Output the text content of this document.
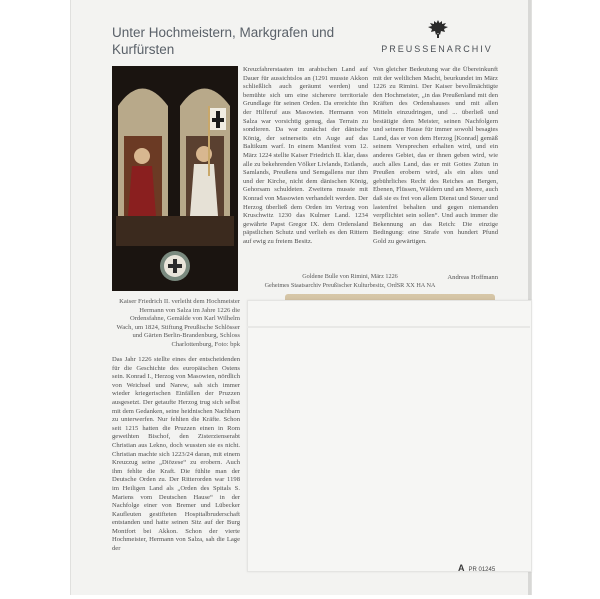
Unter Hochmeistern, Markgrafen und Kurfürsten	PREUSSENARCHIV
Kaiser Friedrich II. verleiht dem Hochmeister Hermann von Salza im Jahre 1226 die Ordensfahne, Gemälde von Karl Wilhelm Wach, um 1824, Stiftung Preußische Schlösser und Gärten Berlin-Brandenburg, Schloss Charlottenburg, Foto: bpk

Das Jahr 1226 stellte eines der entscheidenden für die Geschichte des europäischen Ostens sein. Konrad I., Herzog von Masowien, nördlich von Weichsel und Narew, sah sich immer wieder kriegerischen Einfällen der Pruzzen ausgesetzt. Der getaufte Herzog trug sich selbst mit dem Gedanken, seine heidnischen Nachbarn zu unterwerfen. Nur fehlten die Kräfte. Schon seit 1215 hatten die Pruzzen einen in Rom geweihten Bischof, den Zisterzienserabt Christian aus Lekno, doch wussten sie es nicht. Christian machte sich 1223/24 daran, mit einem Kreuzzug seine „Diözese“ zu erobern. Auch ihm fehlte die Kraft. Die fühlte man der Deutsche Orden zu. Der Ritterorden war 1198 im Heiligen Land als „Orden des Spitals S. Mariens vom Deutschen Hause“ in der Nachfolge einer von Bremer und Lübecker Kaufleuten gestifteten Hospitalbruderschaft entstanden und hatte seinen Sitz auf der Burg Montfort bei Akkon. Schon der vierte Hochmeister, Hermann von Salza, sah die Lage der

Kreuzfahrerstaaten im arabischen Land auf Dauer für aussichtslos an (1291 musste Akkon schließlich auch geräumt werden) und bemühte sich um eine sicherere territoriale Grundlage für seinen Orden. Da erreichte ihn der Hilferuf aus Masowien. Hermann von Salza war vorsichtig genug, das Terrain zu sondieren. Da war zunächst der dänische König, der seinerseits ein Auge auf das Baltikum warf. In einem Manifest vom 12. März 1224 stellte Kaiser Friedrich II. klar, dass alle zu bekehrenden Völker Livlands, Estlands, Samlands, Preußens und Semgallens nur ihm und der Kirche, nicht dem dänischen König, Gehorsam schuldeten. Zweitens musste mit Konrad von Masowien verhandelt werden. Der Herzog überließ dem Orden im Vertrag von Kruschwitz 1230 das Kulmer Land. 1234 gewährte Papst Gregor IX. dem Ordensland päpstlichen Schutz und verlieh es den Rittern auf ewig zu freiem Besitz.

Von gleicher Bedeutung war die Übereinkunft mit der weltlichen Macht, beurkundet im März 1226 zu Rimini. Der Kaiser bevollmächtigte den Hochmeister, „in das Preußenland mit den Kräften des Ordenshauses und mit allen Mitteln einzudringen, und ... überließ und bestätigte dem Meister, seinen Nachfolgern und seinem Hause für immer sowohl besagtes Land, das er von dem Herzog [Konrad] gemäß seinem Versprechen erhalten wird, und ein anderes Gebiet, das er ihnen geben wird, wie auch alles Land, das er mit Gottes Zutun in Preußen erobern wird, als ein altes und gebührliches Recht des Reiches an Bergen, Ebenen, Flüssen, Wäldern und am Meere, auch daß sie es frei von allem Dienst und Steuer und lastenfrei behalten und gegen niemanden verpflichtet sein sollen“. Und auch immer die Bekennung an das Reich: Die einzige Bedingung: eine Strafe von hundert Pfund Gold zu gewärtigen.

Andreas Hoffmann
Goldene Bulle von Rimini, März 1226
Geheimes Staatsarchiv Preußischer Kulturbesitz, OrdSR XX HA NA
APR 01245
